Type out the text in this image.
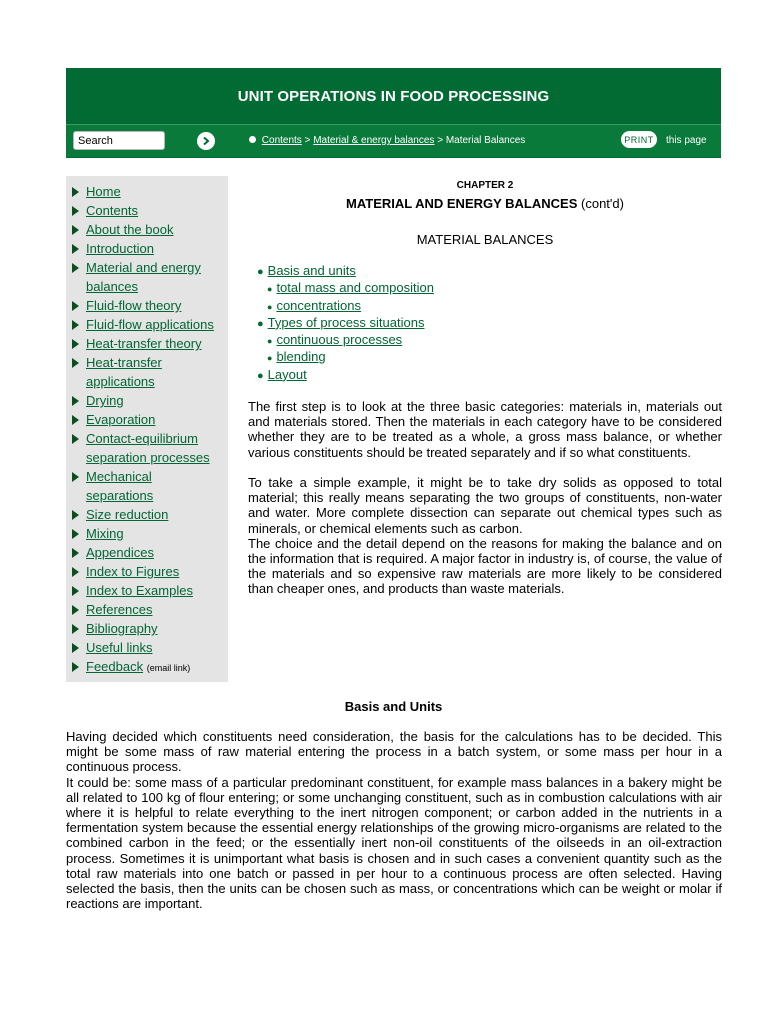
UNIT OPERATIONS IN FOOD PROCESSING
Search
Contents > Material & energy balances > Material Balances	PRINT	this page
Home
Contents
About the book
Introduction
Material and energy balances
Fluid-flow theory
Fluid-flow applications
Heat-transfer theory
Heat-transfer applications
Drying
Evaporation
Contact-equilibrium separation processes
Mechanical separations
Size reduction
Mixing
Appendices
Index to Figures
Index to Examples
References
Bibliography
Useful links
Feedback (email link)
CHAPTER 2
MATERIAL AND ENERGY BALANCES (cont'd)
MATERIAL BALANCES
● Basis and units
● total mass and composition
● concentrations
● Types of process situations
● continuous processes
● blending
● Layout

The first step is to look at the three basic categories: materials in, materials out and materials stored. Then the materials in each category have to be considered whether they are to be treated as a whole, a gross mass balance, or whether various constituents should be treated separately and if so what constituents.

To take a simple example, it might be to take dry solids as opposed to total material; this really means separating the two groups of constituents, non-water and water. More complete dissection can separate out chemical types such as minerals, or chemical elements such as carbon.

The choice and the detail depend on the reasons for making the balance and on the information that is required. A major factor in industry is, of course, the value of the materials and so expensive raw materials are more likely to be considered than cheaper ones, and products than waste materials.

Basis and Units

Having decided which constituents need consideration, the basis for the calculations has to be decided. This might be some mass of raw material entering the process in a batch system, or some mass per hour in a continuous process.

It could be: some mass of a particular predominant constituent, for example mass balances in a bakery might be all related to 100 kg of flour entering; or some unchanging constituent, such as in combustion calculations with air where it is helpful to relate everything to the inert nitrogen component; or carbon added in the nutrients in a fermentation system because the essential energy relationships of the growing micro-organisms are related to the combined carbon in the feed; or the essentially inert non-oil constituents of the oilseeds in an oil-extraction process. Sometimes it is unimportant what basis is chosen and in such cases a convenient quantity such as the total raw materials into one batch or passed in per hour to a continuous process are often selected. Having selected the basis, then the units can be chosen such as mass, or concentrations which can be weight or molar if reactions are important.
